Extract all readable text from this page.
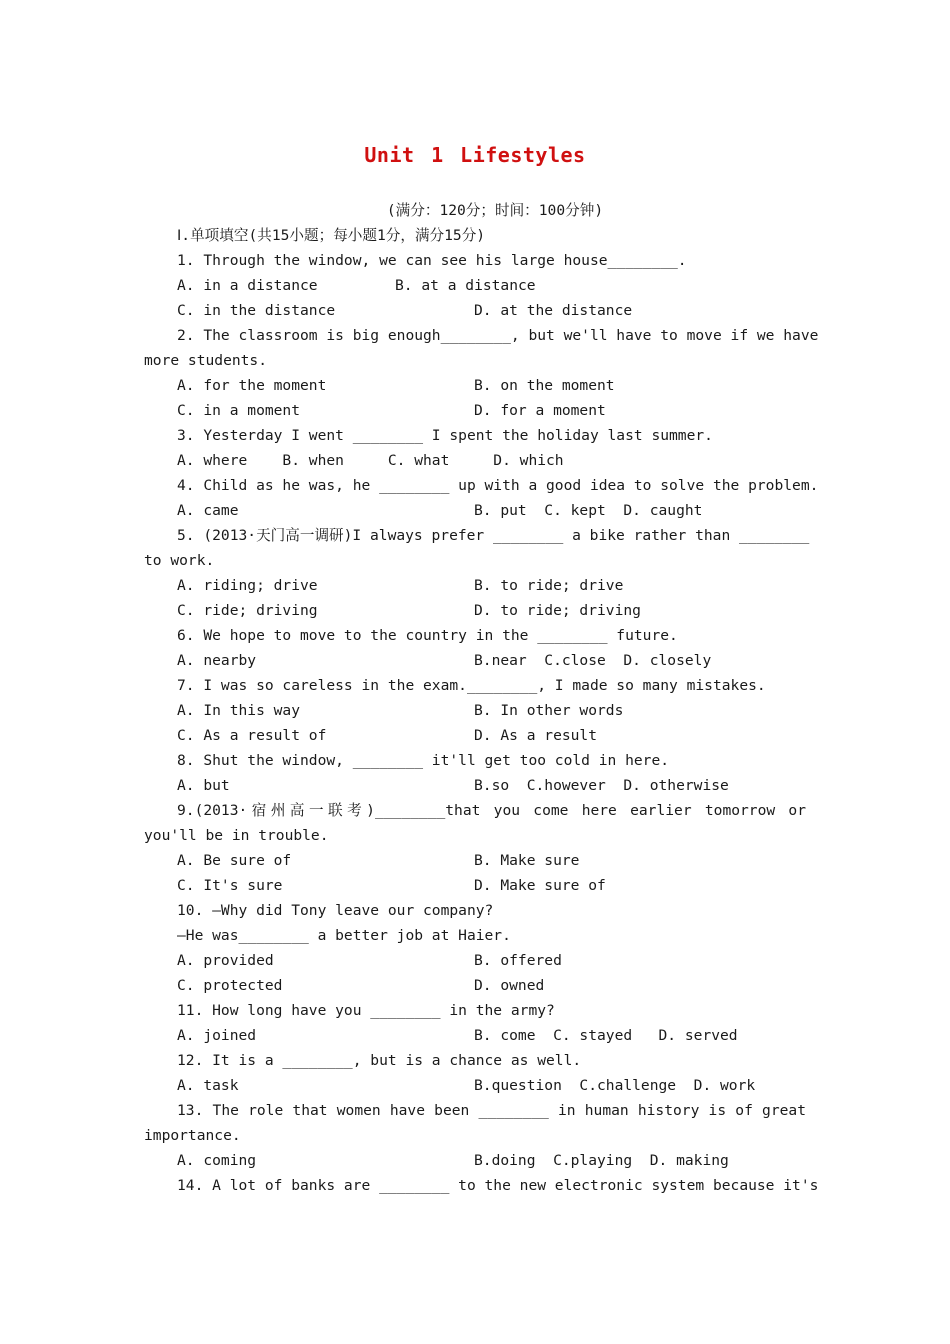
Unit 1 Lifestyles
(满分：120分；时间：100分钟)
Ⅰ.单项填空(共15小题；每小题1分，满分15分)
1. Through the window, we can see his large house________.
A. in a distance	B. at a distance
C. in the distance	D. at the distance
2. The classroom is big enough________, but we'll have to move if we have
more students.
A. for the moment	B. on the moment
C. in a moment	D. for a moment
3. Yesterday I went ________ I spent the holiday last summer.
A. where    B. when     C. what     D. which
4. Child as he was, he ________ up with a good idea to solve the problem.
A. came	B. put  C. kept  D. caught
5. (2013·天门高一调研)I always prefer ________ a bike rather than ________
to work.
A. riding; drive	B. to ride; drive
C. ride; driving	D. to ride; driving
6. We hope to move to the country in the ________ future.
A. nearby	B.near  C.close  D. closely
7. I was so careless in the exam.________, I made so many mistakes.
A. In this way	B. In other words
C. As a result of	D. As a result
8. Shut the window, ________ it'll get too cold in here.
A. but	B.so  C.however  D. otherwise
9.(2013·宿州高一联考)________that you come here earlier tomorrow or
you'll be in trouble.
A. Be sure of	B. Make sure
C. It's sure	D. Make sure of
10. —Why did Tony leave our company?
—He was________ a better job at Haier.
A. provided	B. offered
C. protected	D. owned
11. How long have you ________ in the army?
A. joined	B. come  C. stayed   D. served
12. It is a ________, but is a chance as well.
A. task	B.question  C.challenge  D. work
13. The role that women have been ________ in human history is of great
importance.
A. coming	B.doing  C.playing  D. making
14. A lot of banks are ________ to the new electronic system because it's
